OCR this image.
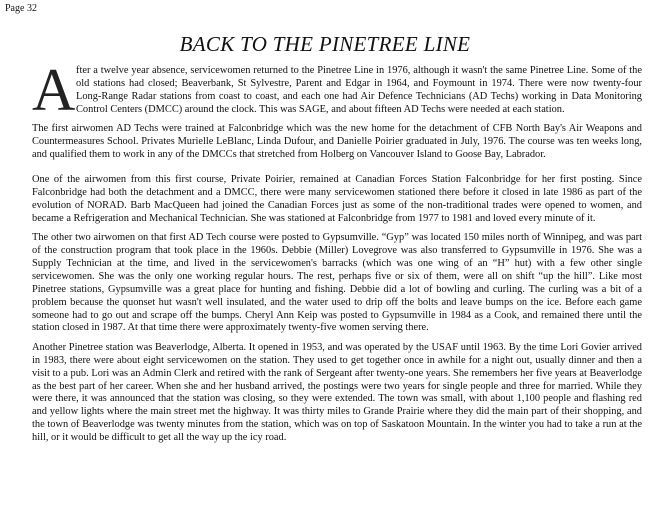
Page 32
BACK TO THE PINETREE LINE

After a twelve year absence, servicewomen returned to the Pinetree Line in 1976, although it wasn't the same Pinetree Line. Some of the old stations had closed; Beaverbank, St Sylvestre, Parent and Edgar in 1964, and Foymount in 1974. There were now twenty-four Long-Range Radar stations from coast to coast, and each one had Air Defence Technicians (AD Techs) working in Data Monitoring Control Centers (DMCC) around the clock. This was SAGE, and about fifteen AD Techs were needed at each station.

The first airwomen AD Techs were trained at Falconbridge which was the new home for the detachment of CFB North Bay's Air Weapons and Countermeasures School. Privates Murielle LeBlanc, Linda Dufour, and Danielle Poirier graduated in July, 1976. The course was ten weeks long, and qualified them to work in any of the DMCCs that stretched from Holberg on Vancouver Island to Goose Bay, Labrador.

One of the airwomen from this first course, Private Poirier, remained at Canadian Forces Station Falconbridge for her first posting. Since Falconbridge had both the detachment and a DMCC, there were many servicewomen stationed there before it closed in late 1986 as part of the evolution of NORAD. Barb MacQueen had joined the Canadian Forces just as some of the non-traditional trades were opened to women, and became a Refrigeration and Mechanical Technician. She was stationed at Falconbridge from 1977 to 1981 and loved every minute of it.

The other two airwomen on that first AD Tech course were posted to Gypsumville. “Gyp” was located 150 miles north of Winnipeg, and was part of the construction program that took place in the 1960s. Debbie (Miller) Lovegrove was also transferred to Gypsumville in 1976. She was a Supply Technician at the time, and lived in the servicewomen's barracks (which was one wing of an “H” hut) with a few other single servicewomen. She was the only one working regular hours. The rest, perhaps five or six of them, were all on shift “up the hill”. Like most Pinetree stations, Gypsumville was a great place for hunting and fishing. Debbie did a lot of bowling and curling. The curling was a bit of a problem because the quonset hut wasn't well insulated, and the water used to drip off the bolts and leave bumps on the ice. Before each game someone had to go out and scrape off the bumps. Cheryl Ann Keip was posted to Gypsumville in 1984 as a Cook, and remained there until the station closed in 1987. At that time there were approximately twenty-five women serving there.

Another Pinetree station was Beaverlodge, Alberta. It opened in 1953, and was operated by the USAF until 1963. By the time Lori Govier arrived in 1983, there were about eight servicewomen on the station. They used to get together once in awhile for a night out, usually dinner and then a visit to a pub. Lori was an Admin Clerk and retired with the rank of Sergeant after twenty-one years. She remembers her five years at Beaverlodge as the best part of her career. When she and her husband arrived, the postings were two years for single people and three for married. While they were there, it was announced that the station was closing, so they were extended. The town was small, with about 1,100 people and flashing red and yellow lights where the main street met the highway. It was thirty miles to Grande Prairie where they did the main part of their shopping, and the town of Beaverlodge was twenty minutes from the station, which was on top of Saskatoon Mountain. In the winter you had to take a run at the hill, or it would be difficult to get all the way up the icy road.
